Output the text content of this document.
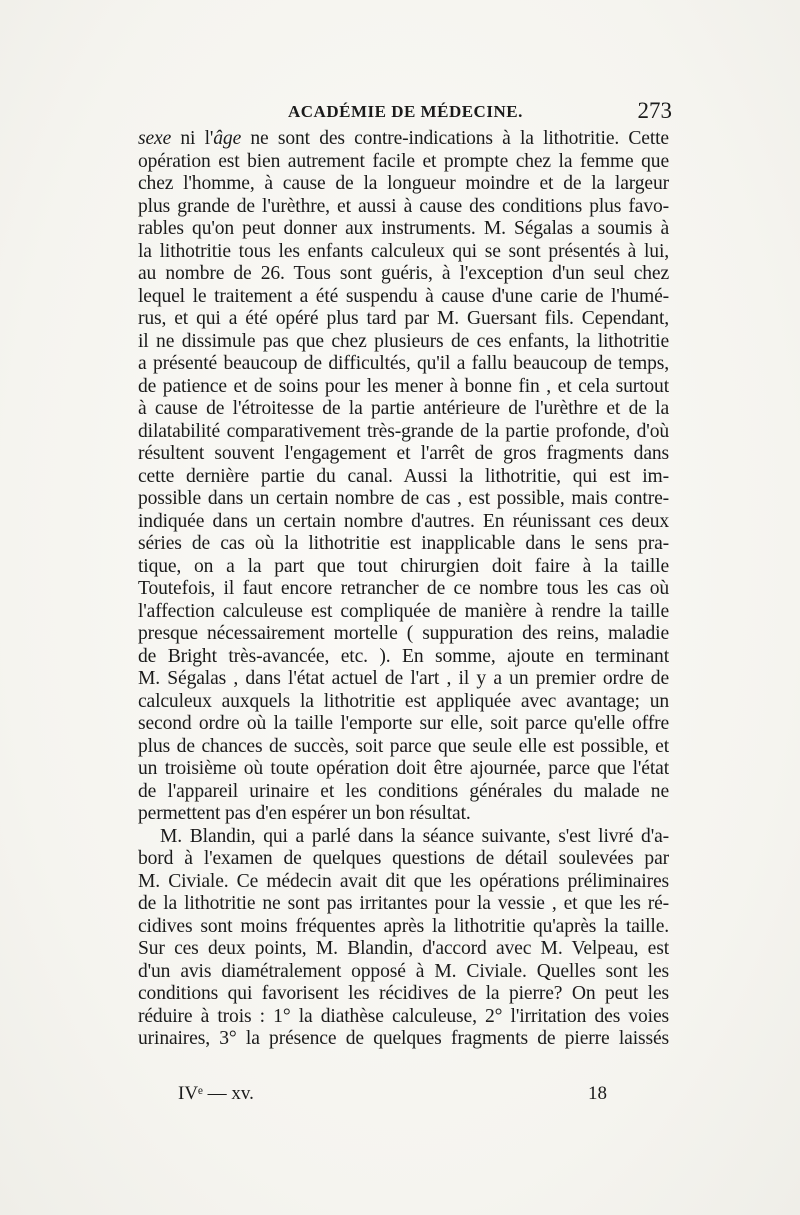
ACADÉMIE DE MÉDECINE.	273
sexe ni l'âge ne sont des contre-indications à la lithotritie. Cette
opération est bien autrement facile et prompte chez la femme que
chez l'homme, à cause de la longueur moindre et de la largeur
plus grande de l'urèthre, et aussi à cause des conditions plus favo-
rables qu'on peut donner aux instruments. M. Ségalas a soumis à
la lithotritie tous les enfants calculeux qui se sont présentés à lui,
au nombre de 26. Tous sont guéris, à l'exception d'un seul chez
lequel le traitement a été suspendu à cause d'une carie de l'humé-
rus, et qui a été opéré plus tard par M. Guersant fils. Cependant,
il ne dissimule pas que chez plusieurs de ces enfants, la lithotritie
a présenté beaucoup de difficultés, qu'il a fallu beaucoup de temps,
de patience et de soins pour les mener à bonne fin , et cela surtout
à cause de l'étroitesse de la partie antérieure de l'urèthre et de la
dilatabilité comparativement très-grande de la partie profonde, d'où
résultent souvent l'engagement et l'arrêt de gros fragments dans
cette dernière partie du canal. Aussi la lithotritie, qui est im-
possible dans un certain nombre de cas , est possible, mais contre-
indiquée dans un certain nombre d'autres. En réunissant ces deux
séries de cas où la lithotritie est inapplicable dans le sens pra-
tique, on a la part que tout chirurgien doit faire à la taille
Toutefois, il faut encore retrancher de ce nombre tous les cas où
l'affection calculeuse est compliquée de manière à rendre la taille
presque nécessairement mortelle ( suppuration des reins, maladie
de Bright très-avancée, etc. ). En somme, ajoute en terminant
M. Ségalas , dans l'état actuel de l'art , il y a un premier ordre de
calculeux auxquels la lithotritie est appliquée avec avantage; un
second ordre où la taille l'emporte sur elle, soit parce qu'elle offre
plus de chances de succès, soit parce que seule elle est possible, et
un troisième où toute opération doit être ajournée, parce que l'état
de l'appareil urinaire et les conditions générales du malade ne
permettent pas d'en espérer un bon résultat.
M. Blandin, qui a parlé dans la séance suivante, s'est livré d'a-
bord à l'examen de quelques questions de détail soulevées par
M. Civiale. Ce médecin avait dit que les opérations préliminaires
de la lithotritie ne sont pas irritantes pour la vessie , et que les ré-
cidives sont moins fréquentes après la lithotritie qu'après la taille.
Sur ces deux points, M. Blandin, d'accord avec M. Velpeau, est
d'un avis diamétralement opposé à M. Civiale. Quelles sont les
conditions qui favorisent les récidives de la pierre? On peut les
réduire à trois : 1° la diathèse calculeuse, 2° l'irritation des voies
urinaires, 3° la présence de quelques fragments de pierre laissés
IVᵉ — xv.	18
